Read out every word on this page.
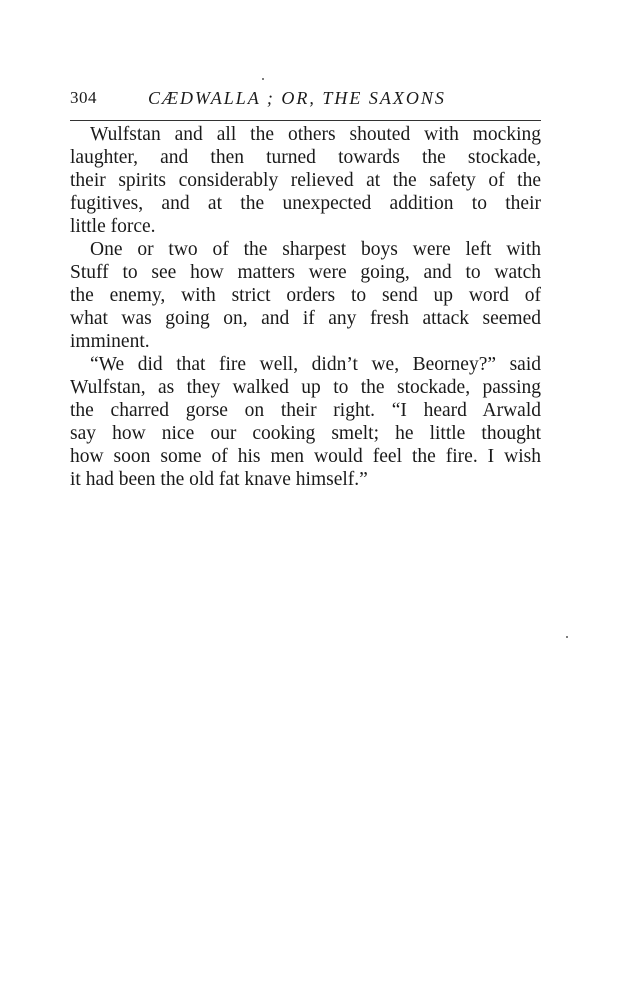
304	CÆDWALLA ; OR, THE SAXONS
Wulfstan and all the others shouted with mocking
laughter, and then turned towards the stockade,
their spirits considerably relieved at the safety of the
fugitives, and at the unexpected addition to their
little force.
One or two of the sharpest boys were left with
Stuff to see how matters were going, and to watch
the enemy, with strict orders to send up word of
what was going on, and if any fresh attack seemed
imminent.
“We did that fire well, didn’t we, Beorney?” said
Wulfstan, as they walked up to the stockade, passing
the charred gorse on their right. “I heard Arwald
say how nice our cooking smelt; he little thought
how soon some of his men would feel the fire. I wish
it had been the old fat knave himself.”
